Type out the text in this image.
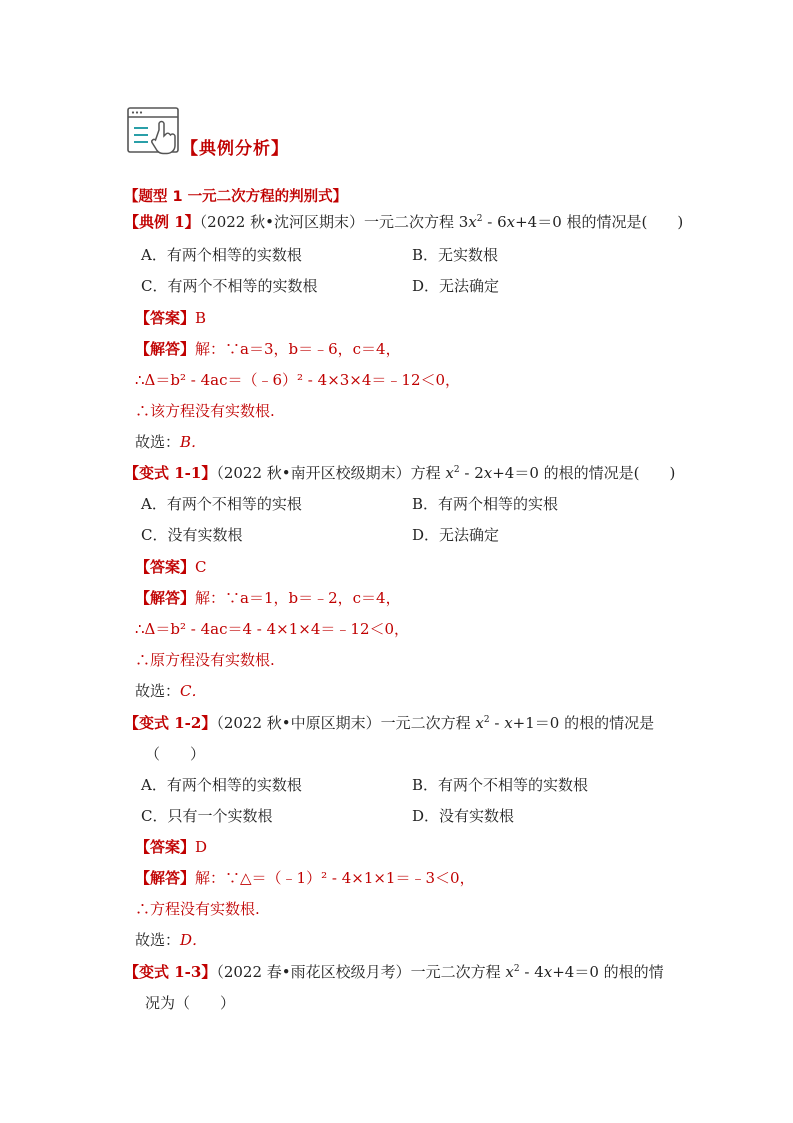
【典例分析】
【题型 1 一元二次方程的判别式】
【典例 1】（2022 秋•沈河区期末）一元二次方程 $3x^2 - 6x+4=0$ 根的情况是(　　)
A．有两个相等的实数根	B．无实数根
C．有两个不相等的实数根	D．无法确定
【答案】B
【解答】解：∵a＝3，b＝﹣6，c＝4，
∴Δ＝b² - 4ac＝（﹣6）² - 4×3×4＝﹣12＜0，
∴该方程没有实数根.
故选：B．
【变式 1-1】（2022 秋•南开区校级期末）方程 $x^2 - 2x+4=0$ 的根的情况是(　　)
A．有两个不相等的实根	B．有两个相等的实根
C．没有实数根	D．无法确定
【答案】C
【解答】解：∵a＝1，b＝﹣2，c＝4，
∴Δ＝b² - 4ac＝4 - 4×1×4＝﹣12＜0，
∴原方程没有实数根.
故选：C．
【变式 1-2】（2022 秋•中原区期末）一元二次方程 $x^2 - x+1=0$ 的根的情况是
（　　）
A．有两个相等的实数根	B．有两个不相等的实数根
C．只有一个实数根	D．没有实数根
【答案】D
【解答】解：∵△＝（﹣1）² - 4×1×1＝﹣3＜0，
∴方程没有实数根.
故选：D．
【变式 1-3】（2022 春•雨花区校级月考）一元二次方程 $x^2 - 4x+4=0$ 的根的情
况为（　　）
